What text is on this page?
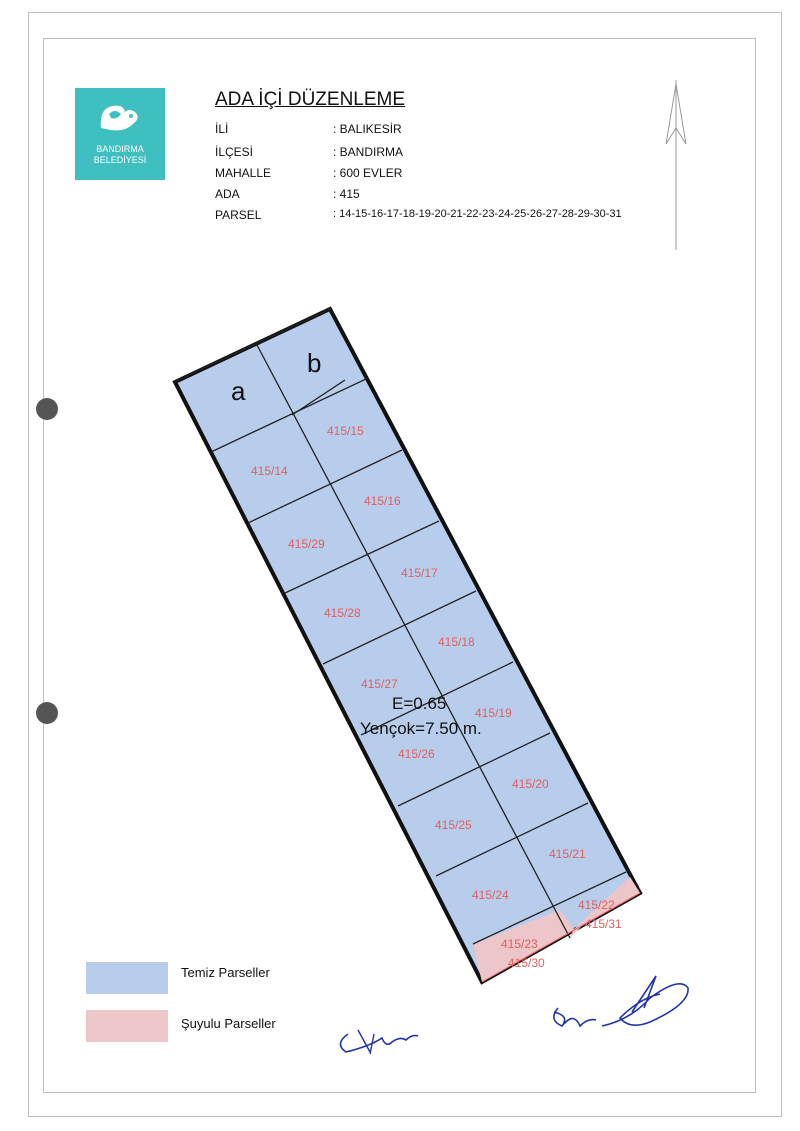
BANDIRMA
BELEDİYESİ
ADA İÇİ DÜZENLEME
İLİ	: BALIKESİR
İLÇESİ	: BANDIRMA
MAHALLE	: 600 EVLER
ADA	: 415
PARSEL	: 14-15-16-17-18-19-20-21-22-23-24-25-26-27-28-29-30-31
a
b
415/15
415/14
415/16
415/29
415/17
415/28
415/18
415/27
415/19
415/26
415/20
415/25
415/21
415/24
415/22
415/31
415/23
415/30
E=0.65
Yençok=7.50 m.
Temiz Parseller
Şuyulu Parseller
